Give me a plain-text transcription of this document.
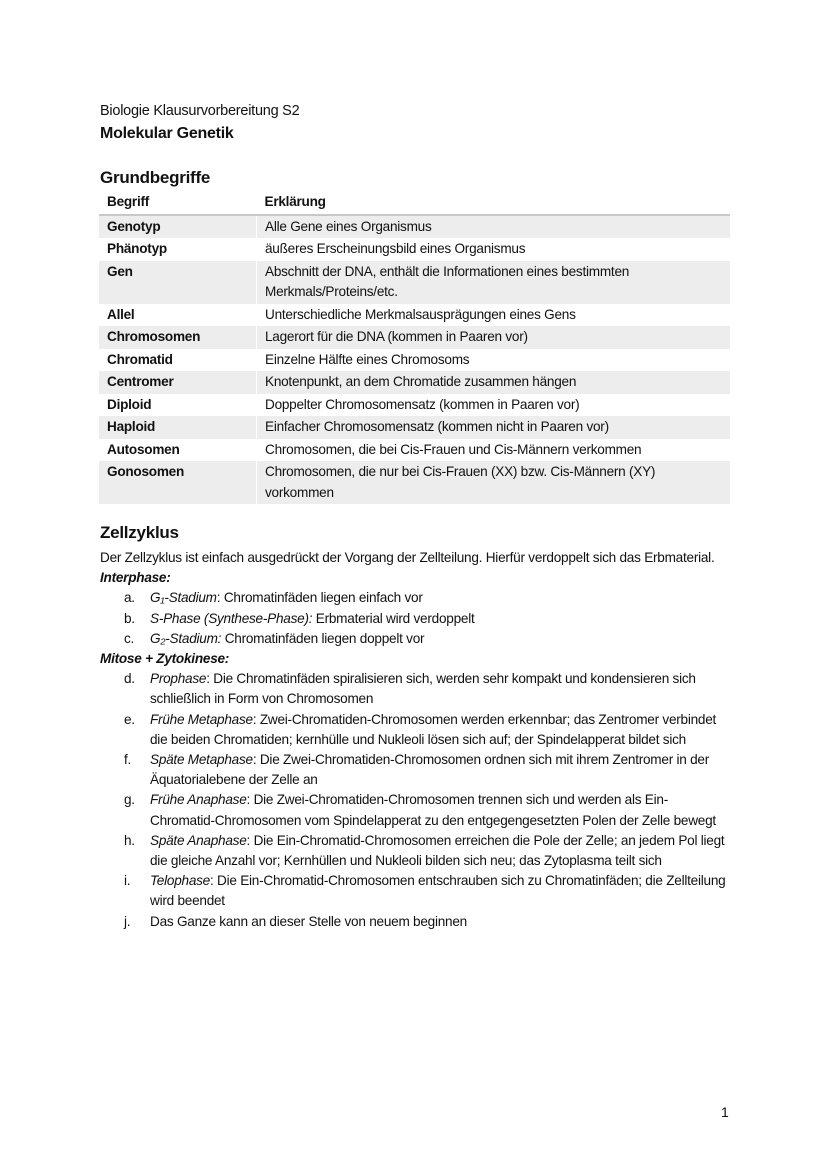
Biologie Klausurvorbereitung S2
Molekular Genetik
Grundbegriffe
Begriff	Erklärung
Genotyp	Alle Gene eines Organismus
Phänotyp	äußeres Erscheinungsbild eines Organismus
Gen	Abschnitt der DNA, enthält die Informationen eines bestimmten Merkmals/Proteins/etc.
Allel	Unterschiedliche Merkmalsausprägungen eines Gens
Chromosomen	Lagerort für die DNA (kommen in Paaren vor)
Chromatid	Einzelne Hälfte eines Chromosoms
Centromer	Knotenpunkt, an dem Chromatide zusammen hängen
Diploid	Doppelter Chromosomensatz (kommen in Paaren vor)
Haploid	Einfacher Chromosomensatz (kommen nicht in Paaren vor)
Autosomen	Chromosomen, die bei Cis-Frauen und Cis-Männern verkommen
Gonosomen	Chromosomen, die nur bei Cis-Frauen (XX) bzw. Cis-Männern (XY) vorkommen
Zellzyklus
Der Zellzyklus ist einfach ausgedrückt der Vorgang der Zellteilung. Hierfür verdoppelt sich das Erbmaterial.
Interphase:
a. G₁-Stadium: Chromatinfäden liegen einfach vor
b. S-Phase (Synthese-Phase): Erbmaterial wird verdoppelt
c. G₂-Stadium: Chromatinfäden liegen doppelt vor
Mitose + Zytokinese:
d. Prophase: Die Chromatinfäden spiralisieren sich, werden sehr kompakt und kondensieren sich schließlich in Form von Chromosomen
e. Frühe Metaphase: Zwei-Chromatiden-Chromosomen werden erkennbar; das Zentromer verbindet die beiden Chromatiden; kernhülle und Nukleoli lösen sich auf; der Spindelapperat bildet sich
f. Späte Metaphase: Die Zwei-Chromatiden-Chromosomen ordnen sich mit ihrem Zentromer in der Äquatorialebene der Zelle an
g. Frühe Anaphase: Die Zwei-Chromatiden-Chromosomen trennen sich und werden als Ein-Chromatid-Chromosomen vom Spindelapperat zu den entgegengesetzten Polen der Zelle bewegt
h. Späte Anaphase: Die Ein-Chromatid-Chromosomen erreichen die Pole der Zelle; an jedem Pol liegt die gleiche Anzahl vor; Kernhüllen und Nukleoli bilden sich neu; das Zytoplasma teilt sich
i. Telophase: Die Ein-Chromatid-Chromosomen entschrauben sich zu Chromatinfäden; die Zellteilung wird beendet
j. Das Ganze kann an dieser Stelle von neuem beginnen
1
